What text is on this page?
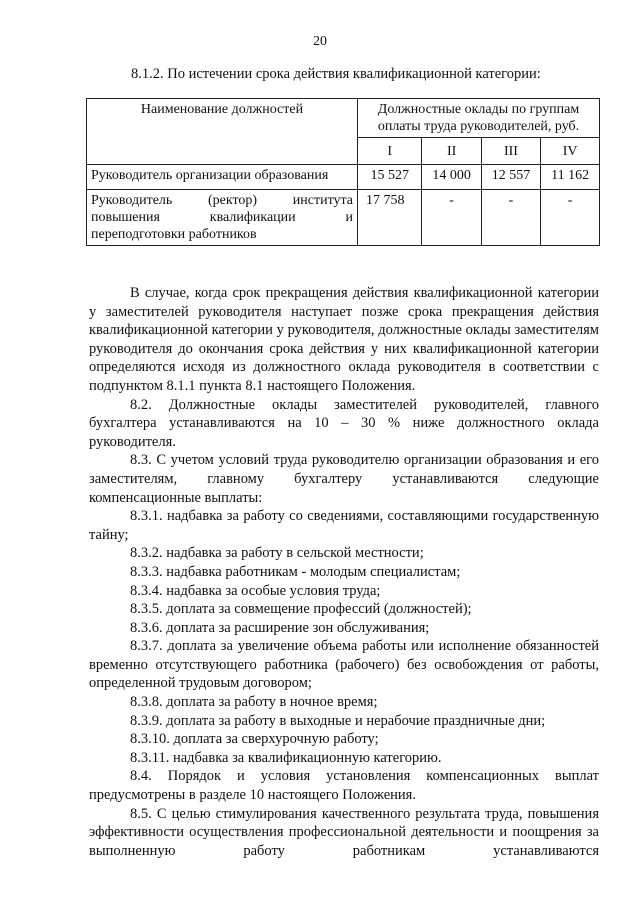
20
8.1.2. По истечении срока действия квалификационной категории:
Наименование должностей	Должностные оклады по группам
оплаты труда руководителей, руб.			

	I	II	III	IV
Руководитель организации образования	15 527	14 000	12 557	11 162

Руководитель (ректор) института
повышения квалификации и
переподготовки работников	17 758	-	-	-

В случае, когда срок прекращения действия квалификационной категории у заместителей руководителя наступает позже срока прекращения действия квалификационной категории у руководителя, должностные оклады заместителям руководителя до окончания срока действия у них квалификационной категории определяются исходя из должностного оклада руководителя в соответствии с подпунктом 8.1.1 пункта 8.1 настоящего Положения.

8.2. Должностные оклады заместителей руководителей, главного бухгалтера устанавливаются на 10 – 30 % ниже должностного оклада руководителя.

8.3. С учетом условий труда руководителю организации образования и его заместителям, главному бухгалтеру устанавливаются следующие компенсационные выплаты:

8.3.1. надбавка за работу со сведениями, составляющими государственную тайну;

8.3.2. надбавка за работу в сельской местности;

8.3.3. надбавка работникам - молодым специалистам;

8.3.4. надбавка за особые условия труда;

8.3.5. доплата за совмещение профессий (должностей);

8.3.6. доплата за расширение зон обслуживания;

8.3.7. доплата за увеличение объема работы или исполнение обязанностей временно отсутствующего работника (рабочего) без освобождения от работы, определенной трудовым договором;

8.3.8. доплата за работу в ночное время;

8.3.9. доплата за работу в выходные и нерабочие праздничные дни;

8.3.10. доплата за сверхурочную работу;

8.3.11. надбавка за квалификационную категорию.

8.4. Порядок и условия установления компенсационных выплат предусмотрены в разделе 10 настоящего Положения.

8.5. С целью стимулирования качественного результата труда, повышения эффективности осуществления профессиональной деятельности и поощрения за выполненную работу работникам устанавливаются
